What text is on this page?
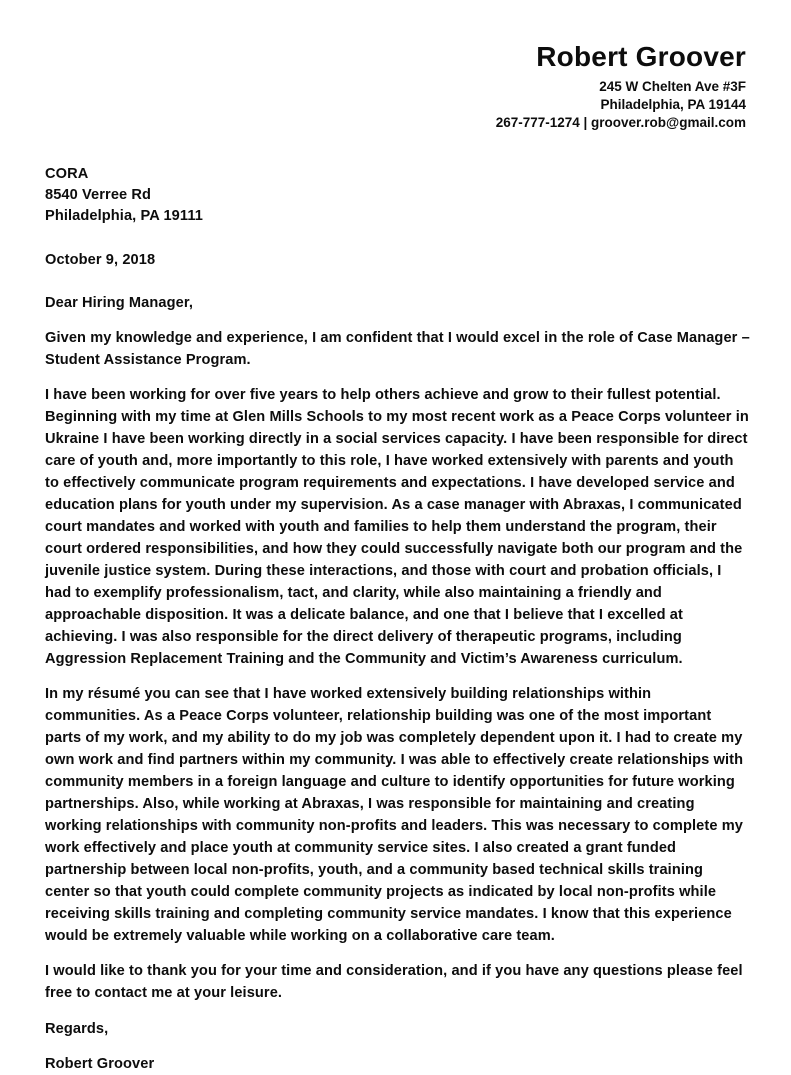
Robert Groover
245 W Chelten Ave #3F
Philadelphia, PA 19144
267-777-1274 | groover.rob@gmail.com
CORA
8540 Verree Rd
Philadelphia, PA 19111
October 9, 2018
Dear Hiring Manager,

Given my knowledge and experience, I am confident that I would excel in the role of Case Manager – Student Assistance Program.

I have been working for over five years to help others achieve and grow to their fullest potential. Beginning with my time at Glen Mills Schools to my most recent work as a Peace Corps volunteer in Ukraine I have been working directly in a social services capacity. I have been responsible for direct care of youth and, more importantly to this role, I have worked extensively with parents and youth to effectively communicate program requirements and expectations. I have developed service and education plans for youth under my supervision. As a case manager with Abraxas, I communicated court mandates and worked with youth and families to help them understand the program, their court ordered responsibilities, and how they could successfully navigate both our program and the juvenile justice system. During these interactions, and those with court and probation officials, I had to exemplify professionalism, tact, and clarity, while also maintaining a friendly and approachable disposition. It was a delicate balance, and one that I believe that I excelled at achieving. I was also responsible for the direct delivery of therapeutic programs, including Aggression Replacement Training and the Community and Victim’s Awareness curriculum.

In my résumé you can see that I have worked extensively building relationships within communities. As a Peace Corps volunteer, relationship building was one of the most important parts of my work, and my ability to do my job was completely dependent upon it. I had to create my own work and find partners within my community. I was able to effectively create relationships with community members in a foreign language and culture to identify opportunities for future working partnerships. Also, while working at Abraxas, I was responsible for maintaining and creating working relationships with community non-profits and leaders. This was necessary to complete my work effectively and place youth at community service sites. I also created a grant funded partnership between local non-profits, youth, and a community based technical skills training center so that youth could complete community projects as indicated by local non-profits while receiving skills training and completing community service mandates. I know that this experience would be extremely valuable while working on a collaborative care team.

I would like to thank you for your time and consideration, and if you have any questions please feel free to contact me at your leisure.

Regards,
Robert Groover
